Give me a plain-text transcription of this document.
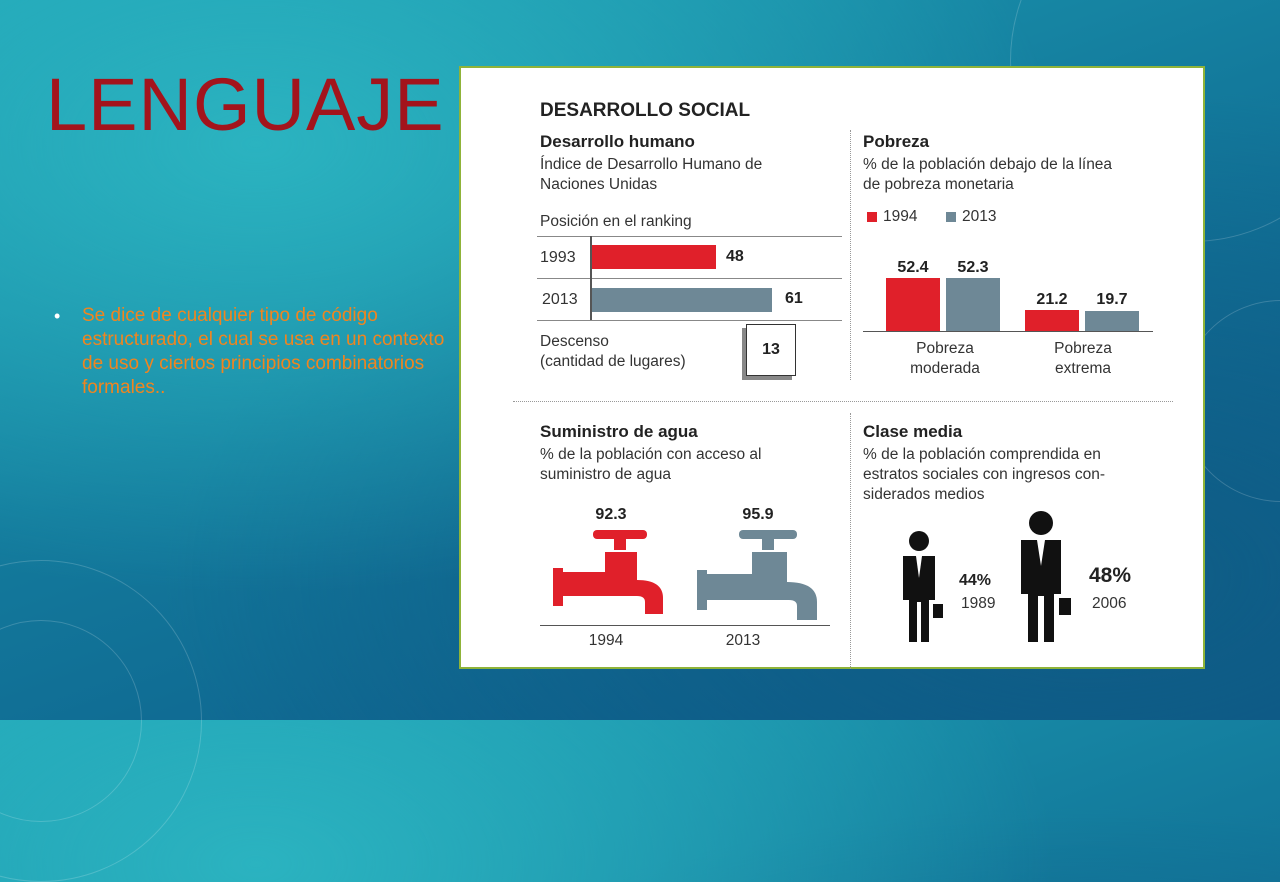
LENGUAJE
•	Se dice de cualquier tipo de código estructurado, el cual se usa en un contexto de uso y ciertos principios combinatorios formales..
DESARROLLO SOCIAL
Desarrollo humano
Índice de Desarrollo Humano de
Naciones Unidas
Posición en el ranking
1993	48
2013	61
Descenso
(cantidad de lugares)
13
Pobreza
% de la población debajo de la línea
de pobreza monetaria
1994	2013
52.4	52.3
21.2	19.7
Pobreza
moderada
Pobreza
extrema
Suministro de agua
% de la población con acceso al
suministro de agua
92.3	95.9
1994	2013
Clase media
% de la población comprendida en
estratos sociales con ingresos con-
siderados medios
44%
1989
48%
2006
